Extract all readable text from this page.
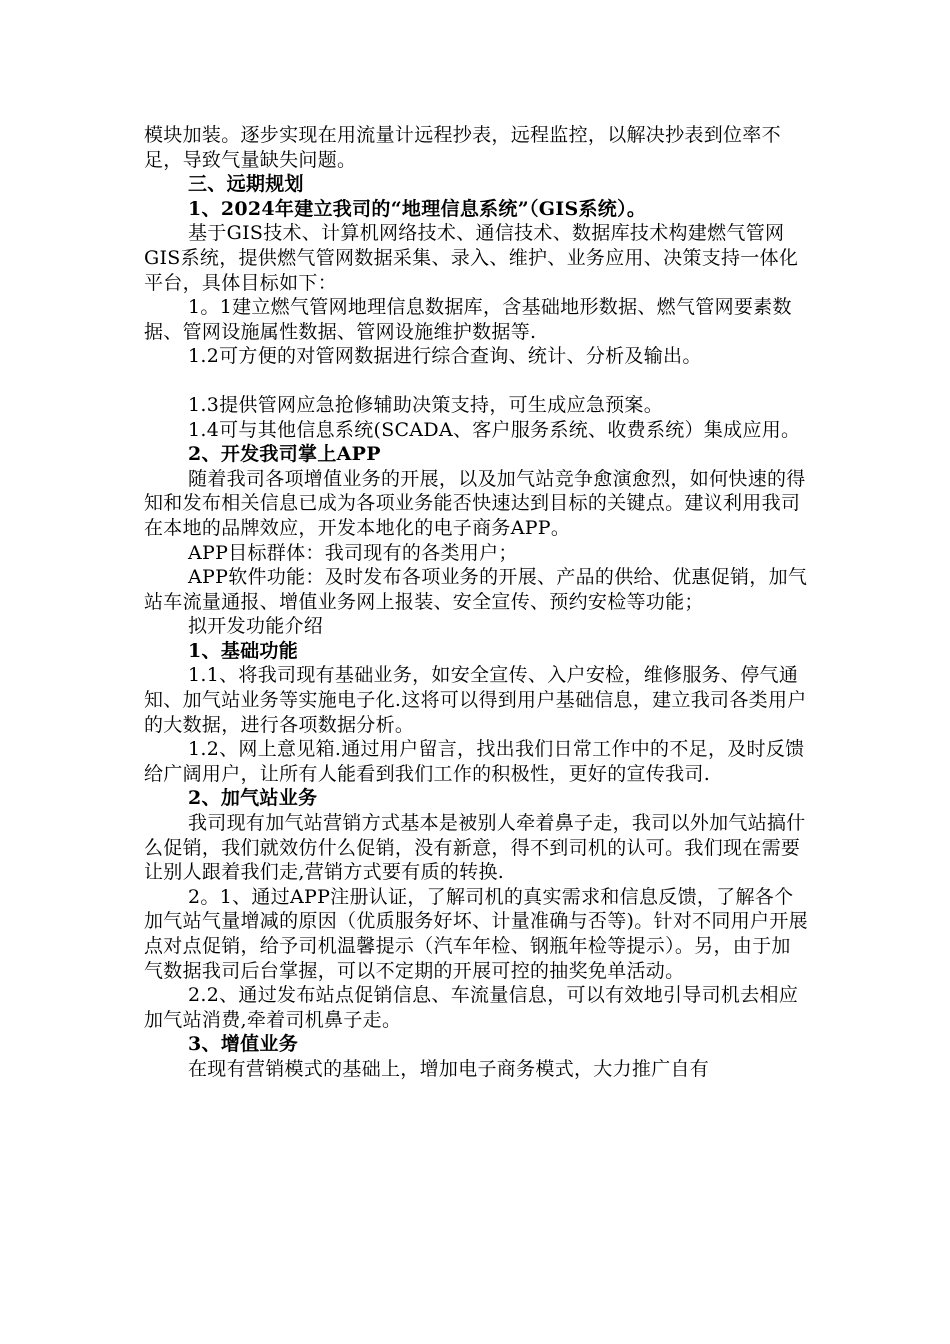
模块加装。逐步实现在用流量计远程抄表，远程监控，以解决抄表到位率不足，导致气量缺失问题。

三、远期规划

1、2024年建立我司的“地理信息系统”（GIS系统）。

基于GIS技术、计算机网络技术、通信技术、数据库技术构建燃气管网GIS系统，提供燃气管网数据采集、录入、维护、业务应用、决策支持一体化平台，具体目标如下：

1。1建立燃气管网地理信息数据库，含基础地形数据、燃气管网要素数据、管网设施属性数据、管网设施维护数据等.

1.2可方便的对管网数据进行综合查询、统计、分析及输出。

1.3提供管网应急抢修辅助决策支持，可生成应急预案。

1.4可与其他信息系统(SCADA、客户服务系统、收费系统）集成应用。

2、开发我司掌上APP

随着我司各项增值业务的开展，以及加气站竞争愈演愈烈，如何快速的得知和发布相关信息已成为各项业务能否快速达到目标的关键点。建议利用我司在本地的品牌效应，开发本地化的电子商务APP。

APP目标群体：我司现有的各类用户；

APP软件功能：及时发布各项业务的开展、产品的供给、优惠促销，加气站车流量通报、增值业务网上报装、安全宣传、预约安检等功能；

拟开发功能介绍

1、基础功能

1.1、将我司现有基础业务，如安全宣传、入户安检，维修服务、停气通知、加气站业务等实施电子化.这将可以得到用户基础信息，建立我司各类用户的大数据，进行各项数据分析。

1.2、网上意见箱.通过用户留言，找出我们日常工作中的不足，及时反馈给广阔用户，让所有人能看到我们工作的积极性，更好的宣传我司.

2、加气站业务

我司现有加气站营销方式基本是被别人牵着鼻子走，我司以外加气站搞什么促销，我们就效仿什么促销，没有新意，得不到司机的认可。我们现在需要让别人跟着我们走,营销方式要有质的转换.

2。1、通过APP注册认证，了解司机的真实需求和信息反馈，了解各个加气站气量增减的原因（优质服务好坏、计量准确与否等)。针对不同用户开展点对点促销，给予司机温馨提示（汽车年检、钢瓶年检等提示）。另，由于加气数据我司后台掌握，可以不定期的开展可控的抽奖免单活动。

2.2、通过发布站点促销信息、车流量信息，可以有效地引导司机去相应加气站消费,牵着司机鼻子走。

3、增值业务

在现有营销模式的基础上，增加电子商务模式，大力推广自有
